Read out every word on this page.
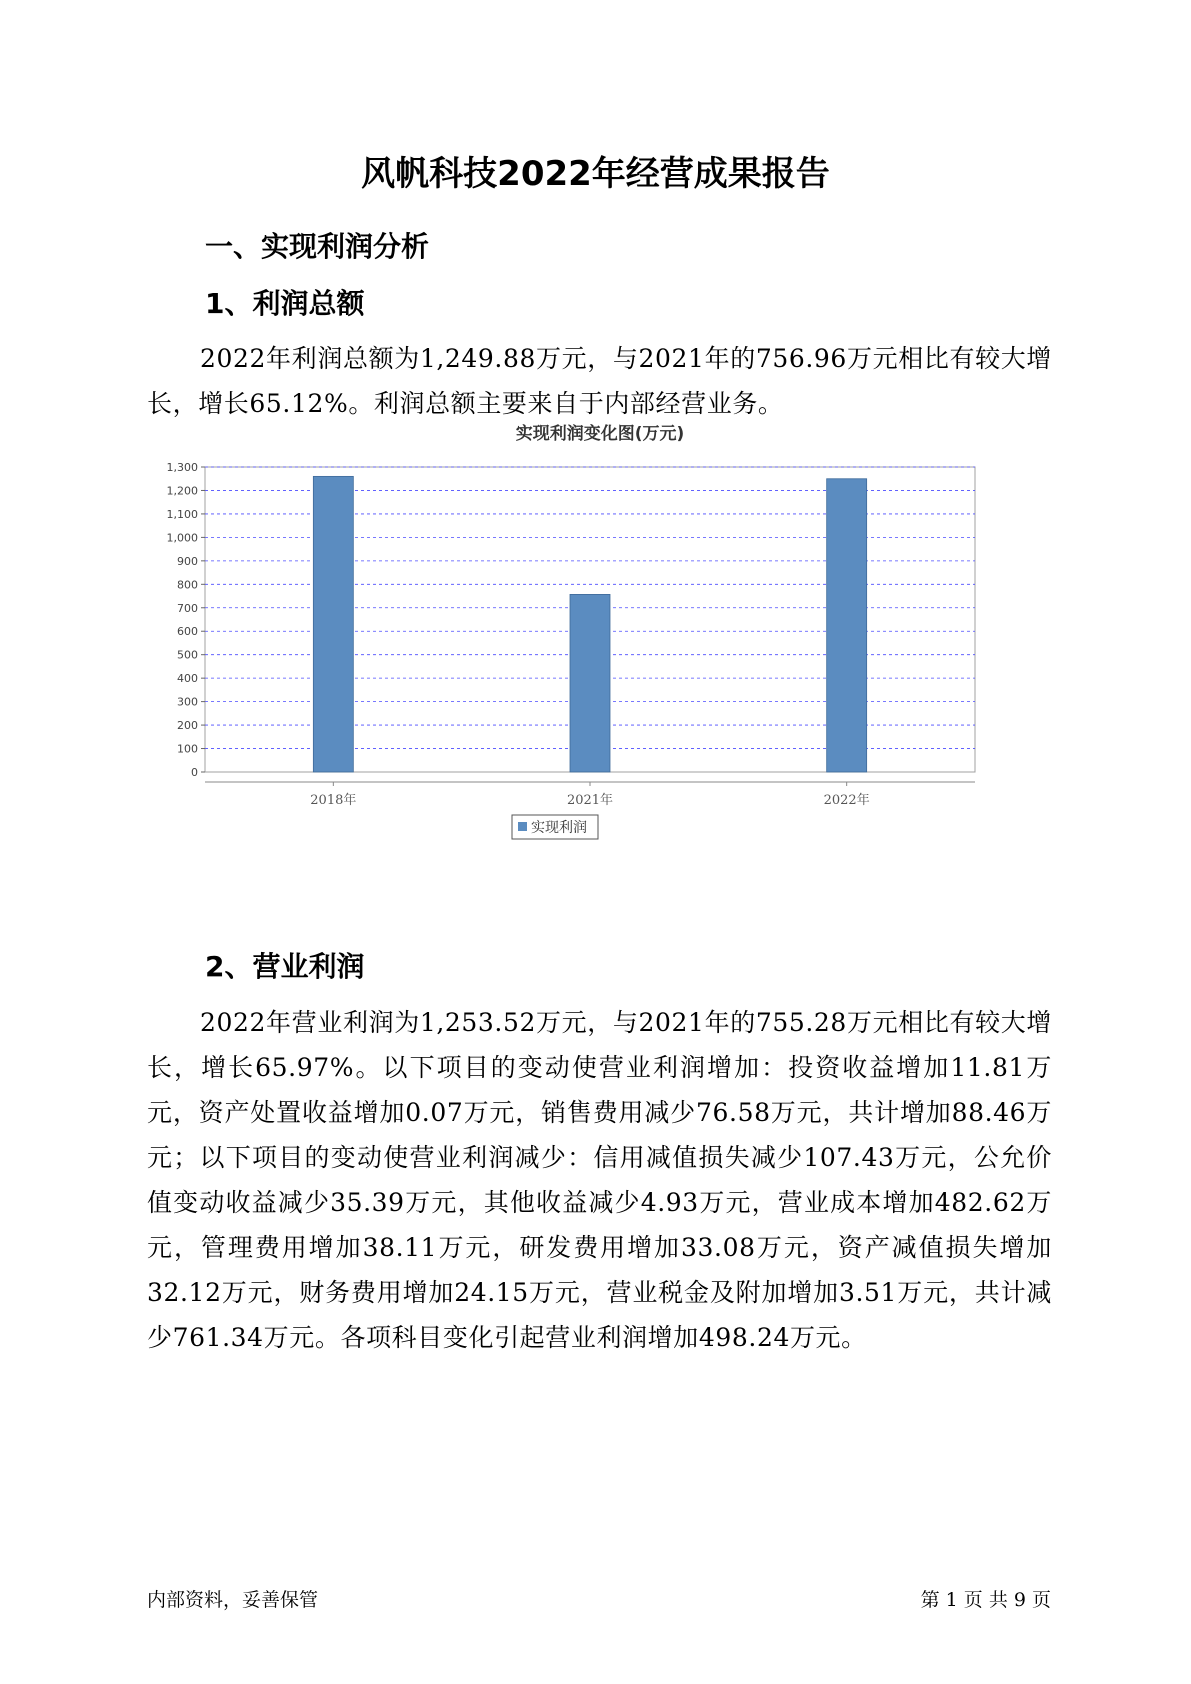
风帆科技2022年经营成果报告
一、实现利润分析
1、利润总额
2022年利润总额为1,249.88万元，与2021年的756.96万元相比有较大增长，增长65.12%。利润总额主要来自于内部经营业务。
实现利润变化图(万元)
0
100
200
300
400
500
600
700
800
900
1,000
1,100
1,200
1,300
2018年	2021年	2022年
实现利润
2、营业利润
2022年营业利润为1,253.52万元，与2021年的755.28万元相比有较大增长，增长65.97%。以下项目的变动使营业利润增加：投资收益增加11.81万元，资产处置收益增加0.07万元，销售费用减少76.58万元，共计增加88.46万元；以下项目的变动使营业利润减少：信用减值损失减少107.43万元，公允价值变动收益减少35.39万元，其他收益减少4.93万元，营业成本增加482.62万元，管理费用增加38.11万元，研发费用增加33.08万元，资产减值损失增加32.12万元，财务费用增加24.15万元，营业税金及附加增加3.51万元，共计减少761.34万元。各项科目变化引起营业利润增加498.24万元。
内部资料，妥善保管	第 1 页 共 9 页
